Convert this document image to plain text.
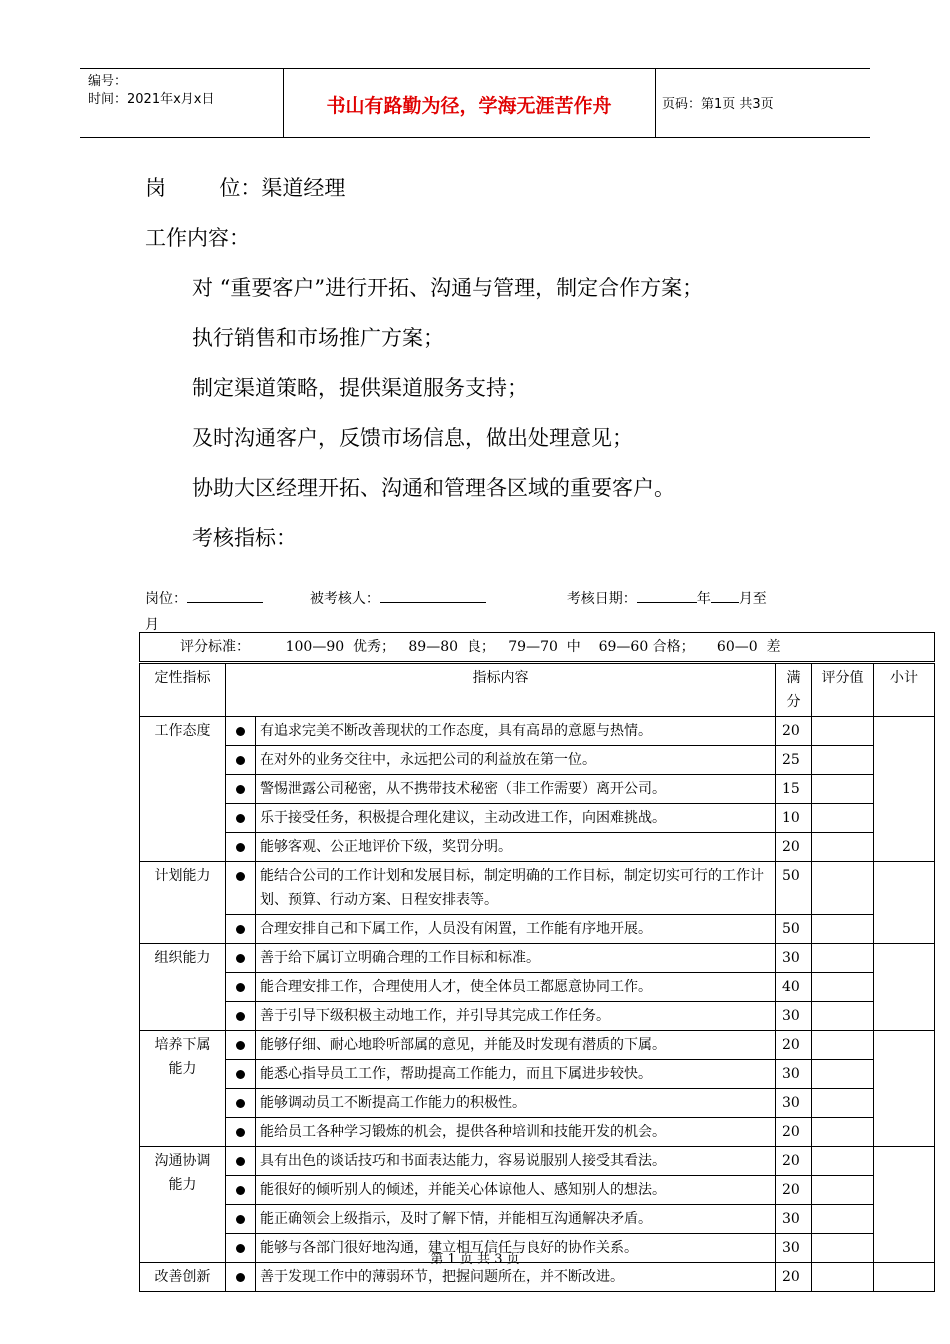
编号：
时间：2021年x月x日	书山有路勤为径，学海无涯苦作舟	页码：第1页 共3页
岗        位：渠道经理
工作内容：
对 “重要客户”进行开拓、沟通与管理，制定合作方案；
执行销售和市场推广方案；
制定渠道策略，提供渠道服务支持；
及时沟通客户，反馈市场信息，做出处理意见；
协助大区经理开拓、沟通和管理各区域的重要客户。
考核指标：
岗位：	被考核人：	考核日期：	年 月至
月
评分标准：        100—90  优秀；   89—80  良；   79—70  中    69—60 合格；     60—0  差					
定性指标	指标内容		满分	评分值	小计
工作态度		有追求完美不断改善现状的工作态度，具有高昂的意愿与热情。	20		
		在对外的业务交往中，永远把公司的利益放在第一位。	25		
		警惕泄露公司秘密，从不携带技术秘密（非工作需要）离开公司。	15		
		乐于接受任务，积极提合理化建议，主动改进工作，向困难挑战。	10		
		能够客观、公正地评价下级，奖罚分明。	20		
计划能力		能结合公司的工作计划和发展目标，制定明确的工作目标，制定切实可行的工作计划、预算、行动方案、日程安排表等。	50		
		合理安排自己和下属工作，人员没有闲置，工作能有序地开展。	50		
组织能力		善于给下属订立明确合理的工作目标和标准。	30		
		能合理安排工作，合理使用人才，使全体员工都愿意协同工作。	40		
		善于引导下级积极主动地工作，并引导其完成工作任务。	30		
培养下属能力		能够仔细、耐心地聆听部属的意见，并能及时发现有潜质的下属。	20		
		能悉心指导员工工作，帮助提高工作能力，而且下属进步较快。	30		
		能够调动员工不断提高工作能力的积极性。	30		
		能给员工各种学习锻炼的机会，提供各种培训和技能开发的机会。	20		
沟通协调能力		具有出色的谈话技巧和书面表达能力，容易说服别人接受其看法。	20		
		能很好的倾听别人的倾述，并能关心体谅他人、感知别人的想法。	20		
		能正确领会上级指示，及时了解下情，并能相互沟通解决矛盾。	30		
		能够与各部门很好地沟通，建立相互信任与良好的协作关系。	30		
改善创新		善于发现工作中的薄弱环节，把握问题所在，并不断改进。	20		
第 1 页 共 3 页
